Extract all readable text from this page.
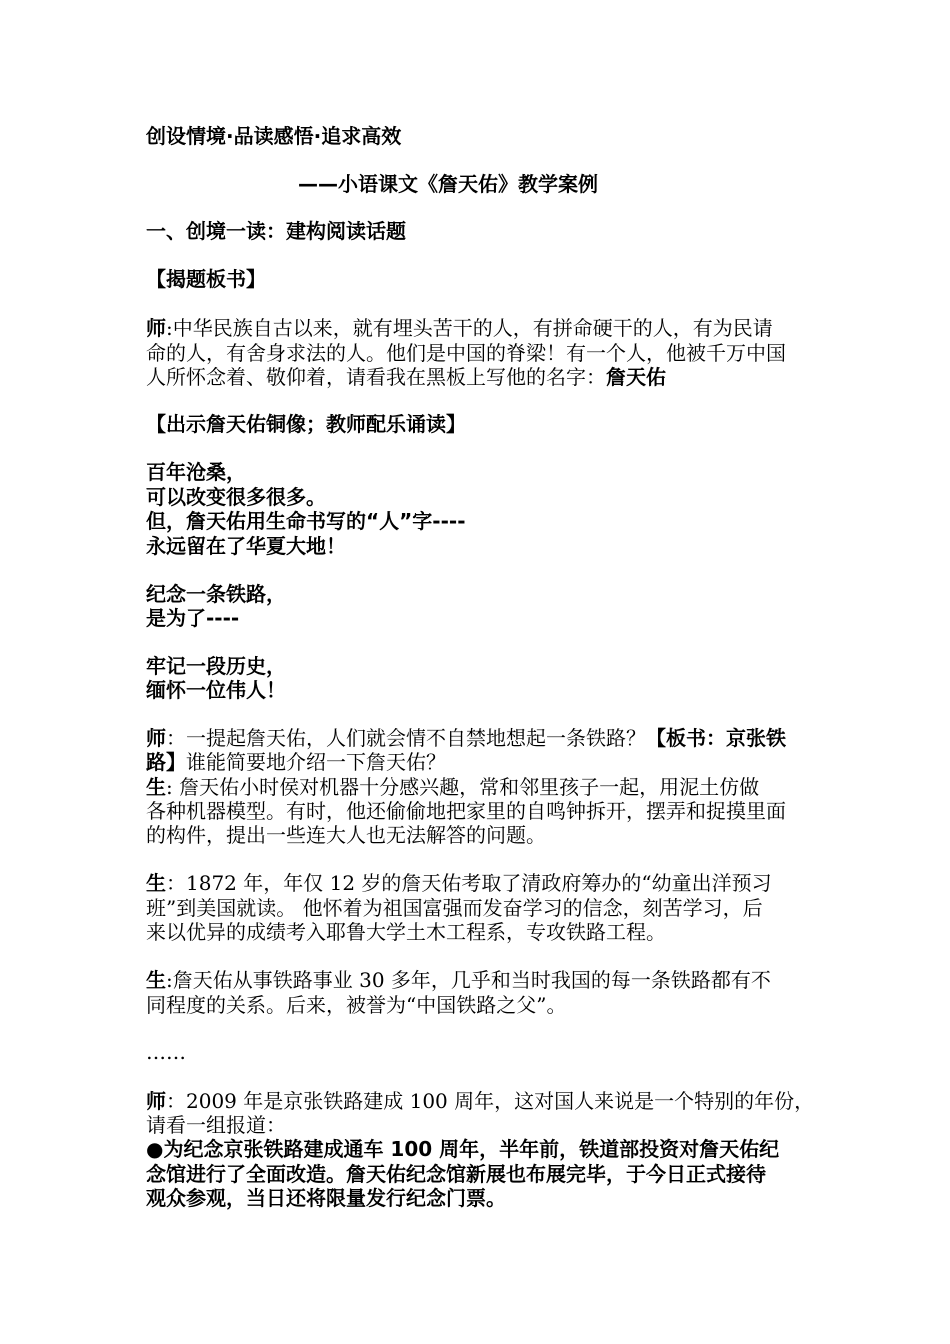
创设情境·品读感悟·追求高效
——小语课文《詹天佑》教学案例
一、创境一读：建构阅读话题
【揭题板书】
师:中华民族自古以来，就有埋头苦干的人，有拼命硬干的人，有为民请
命的人，有舍身求法的人。他们是中国的脊梁！有一个人，他被千万中国
人所怀念着、敬仰着，请看我在黑板上写他的名字：詹天佑
【出示詹天佑铜像；教师配乐诵读】
百年沧桑，
可以改变很多很多。
但，詹天佑用生命书写的“人”字----
永远留在了华夏大地！
纪念一条铁路，
是为了----
牢记一段历史，
缅怀一位伟人！
师：一提起詹天佑，人们就会情不自禁地想起一条铁路？【板书：京张铁
路】谁能简要地介绍一下詹天佑？
生: 詹天佑小时侯对机器十分感兴趣，常和邻里孩子一起，用泥土仿做
各种机器模型。有时，他还偷偷地把家里的自鸣钟拆开，摆弄和捉摸里面
的构件，提出一些连大人也无法解答的问题。
生：1872 年，年仅 12 岁的詹天佑考取了清政府筹办的“幼童出洋预习
班”到美国就读。 他怀着为祖国富强而发奋学习的信念，刻苦学习，后
来以优异的成绩考入耶鲁大学土木工程系，专攻铁路工程。
生:詹天佑从事铁路事业 30 多年，几乎和当时我国的每一条铁路都有不
同程度的关系。后来，被誉为“中国铁路之父”。
……
师：2009 年是京张铁路建成 100 周年，这对国人来说是一个特别的年份，
请看一组报道：
●为纪念京张铁路建成通车 100 周年，半年前，铁道部投资对詹天佑纪
念馆进行了全面改造。詹天佑纪念馆新展也布展完毕，于今日正式接待
观众参观，当日还将限量发行纪念门票。
